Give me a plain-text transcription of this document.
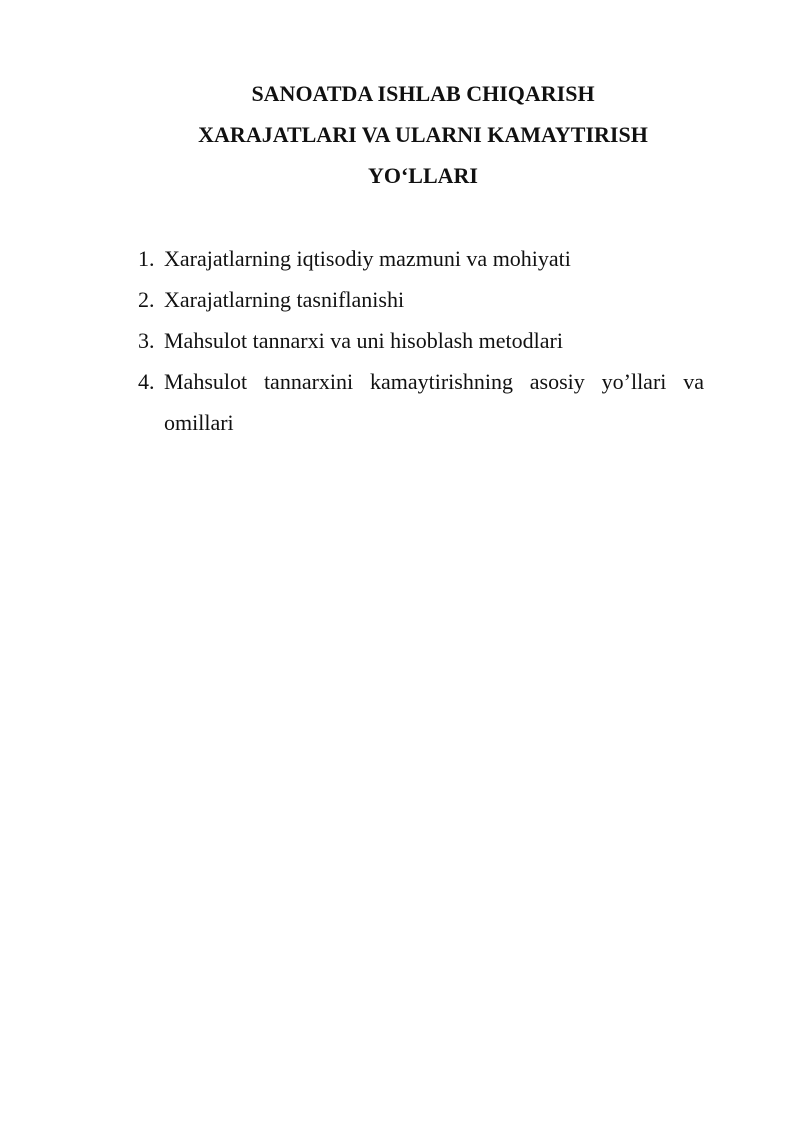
SANOATDA ISHLAB CHIQARISH
XARAJATLARI VA ULARNI KAMAYTIRISH
YO‘LLARI
1. Xarajatlarning iqtisodiy mazmuni va mohiyati
2. Xarajatlarning tasniflanishi
3. Mahsulot tannarxi va uni hisoblash metodlari
4. Mahsulot tannarxini kamaytirishning asosiy yo’llari va omillari
